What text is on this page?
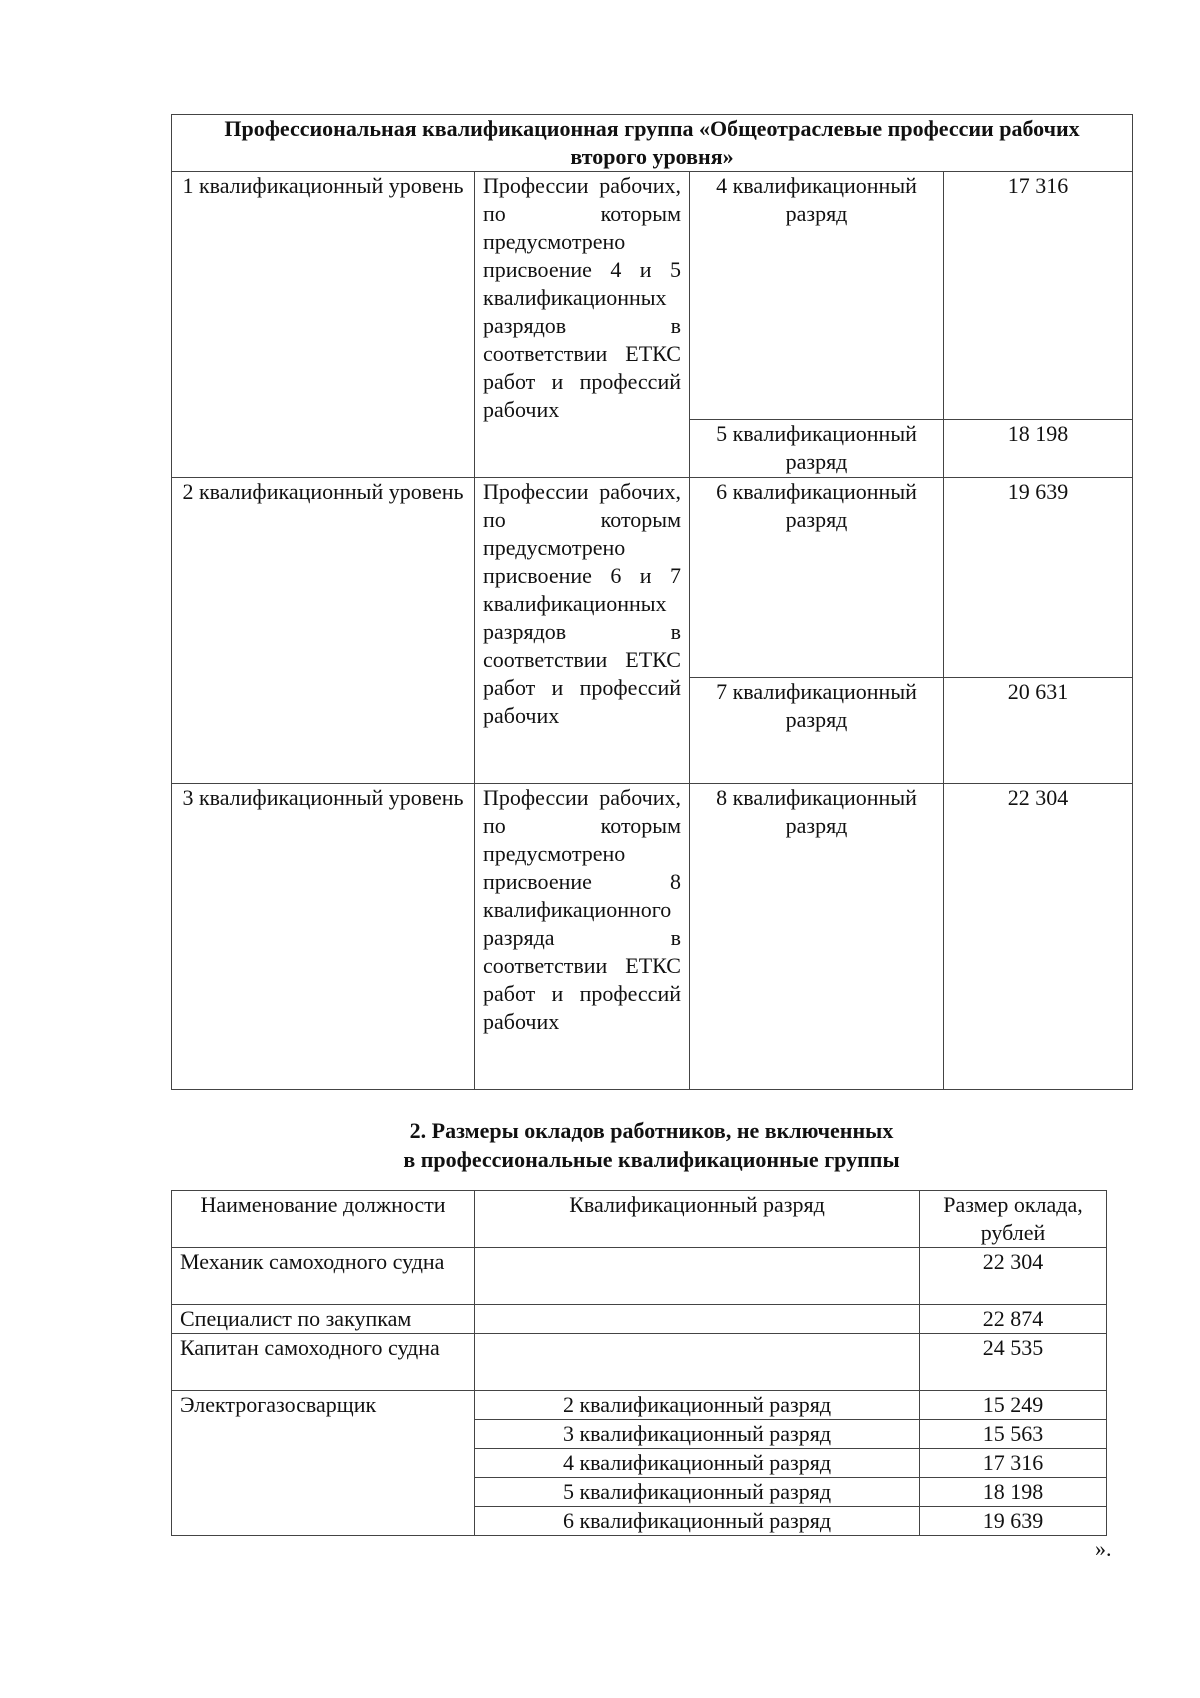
Профессиональная квалификационная группа «Общеотраслевые профессии рабочих второго уровня»			
1 квалификационный уровень	Профессии рабочих, по которым предусмотрено присвоение 4 и 5 квалификационных разрядов в соответствии ЕТКС работ и профессий рабочих	4 квалификационный разряд	17 316
		5 квалификационный разряд	18 198
2 квалификационный уровень	Профессии рабочих, по которым предусмотрено присвоение 6 и 7 квалификационных разрядов в соответствии ЕТКС работ и профессий рабочих	6 квалификационный разряд	19 639
		7 квалификационный разряд	20 631
3 квалификационный уровень	Профессии рабочих, по которым предусмотрено присвоение 8 квалификационного разряда в соответствии ЕТКС работ и профессий рабочих	8 квалификационный разряд	22 304
2. Размеры окладов работников, не включенных
в профессиональные квалификационные группы
Наименование должности	Квалификационный разряд	Размер оклада, рублей
Механик самоходного судна		22 304
Специалист по закупкам		22 874
Капитан самоходного судна		24 535
Электрогазосварщик	2 квалификационный разряд	15 249
	3 квалификационный разряд	15 563
	4 квалификационный разряд	17 316
	5 квалификационный разряд	18 198
	6 квалификационный разряд	19 639
».
